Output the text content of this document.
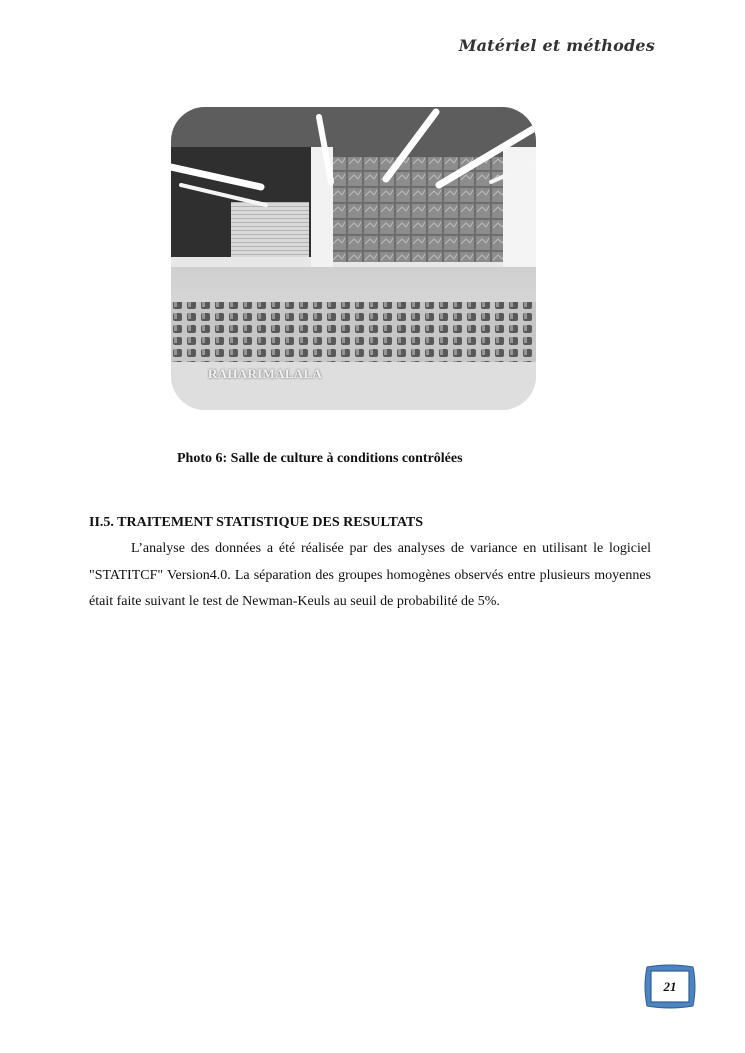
Matériel et méthodes
RAHARIMALALA
Photo 6: Salle de culture à conditions contrôlées
II.5. TRAITEMENT STATISTIQUE DES RESULTATS

L’analyse des données a été réalisée par des analyses de variance en utilisant le logiciel "STATITCF" Version4.0. La séparation des groupes homogènes observés entre plusieurs moyennes était faite suivant le test de Newman-Keuls au seuil de probabilité de 5%.

21
